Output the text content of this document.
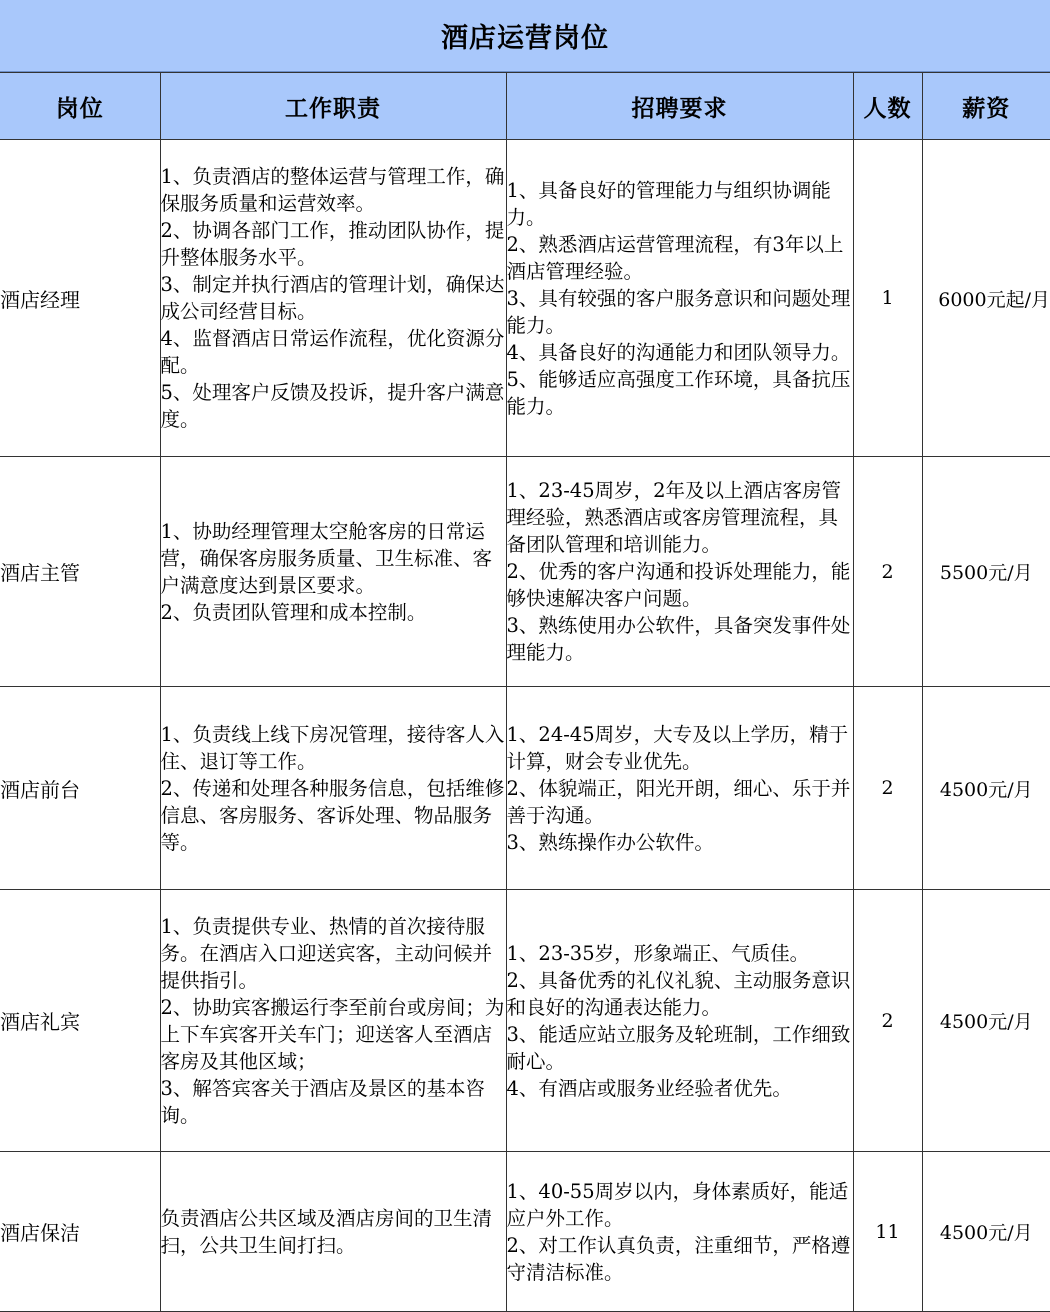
酒店运营岗位
岗位	工作职责	招聘要求	人数	薪资
酒店经理	1、负责酒店的整体运营与管理工作，确保服务质量和运营效率。
2、协调各部门工作，推动团队协作，提升整体服务水平。
3、制定并执行酒店的管理计划，确保达成公司经营目标。
4、监督酒店日常运作流程，优化资源分配。
5、处理客户反馈及投诉，提升客户满意度。	1、具备良好的管理能力与组织协调能力。
2、熟悉酒店运营管理流程，有3年以上酒店管理经验。
3、具有较强的客户服务意识和问题处理能力。
4、具备良好的沟通能力和团队领导力。
5、能够适应高强度工作环境，具备抗压能力。	1	6000元起/月
酒店主管	1、协助经理管理太空舱客房的日常运营，确保客房服务质量、卫生标准、客户满意度达到景区要求。
2、负责团队管理和成本控制。	1、23-45周岁，2年及以上酒店客房管理经验，熟悉酒店或客房管理流程，具备团队管理和培训能力。
2、优秀的客户沟通和投诉处理能力，能够快速解决客户问题。
3、熟练使用办公软件，具备突发事件处理能力。	2	5500元/月
酒店前台	1、负责线上线下房况管理，接待客人入住、退订等工作。
2、传递和处理各种服务信息，包括维修信息、客房服务、客诉处理、物品服务等。	1、24-45周岁，大专及以上学历，精于计算，财会专业优先。
2、体貌端正，阳光开朗，细心、乐于并善于沟通。
3、熟练操作办公软件。	2	4500元/月
酒店礼宾	1、负责提供专业、热情的首次接待服务。在酒店入口迎送宾客，主动问候并提供指引。
2、协助宾客搬运行李至前台或房间；为上下车宾客开关车门；迎送客人至酒店客房及其他区域；
3、解答宾客关于酒店及景区的基本咨询。	1、23-35岁，形象端正、气质佳。
2、具备优秀的礼仪礼貌、主动服务意识和良好的沟通表达能力。
3、能适应站立服务及轮班制，工作细致耐心。
4、有酒店或服务业经验者优先。	2	4500元/月
酒店保洁	负责酒店公共区域及酒店房间的卫生清扫，公共卫生间打扫。	1、40-55周岁以内，身体素质好，能适应户外工作。
2、对工作认真负责，注重细节，严格遵守清洁标准。	11	4500元/月
